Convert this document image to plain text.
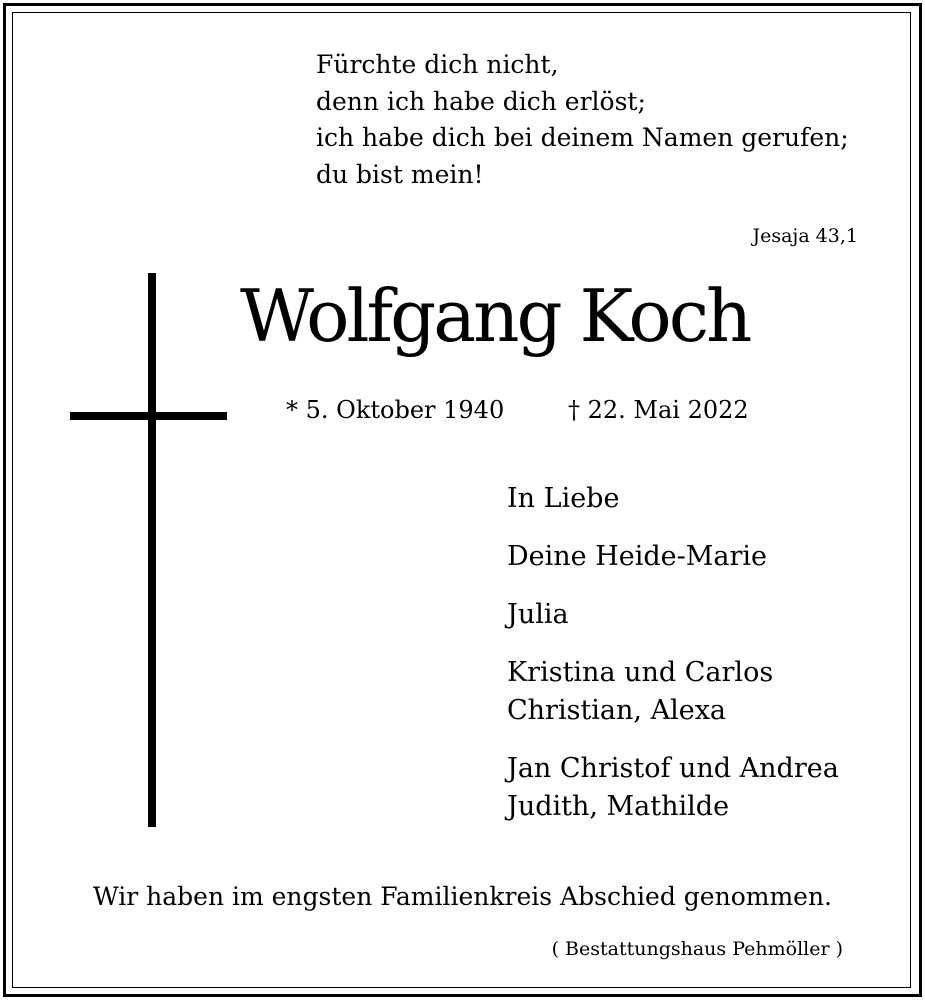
Fürchte dich nicht,
denn ich habe dich erlöst;
ich habe dich bei deinem Namen gerufen;
du bist mein!
Jesaja 43,1
Wolfgang Koch
* 5. Oktober 1940	† 22. Mai 2022
In Liebe
Deine Heide-Marie
Julia
Kristina und Carlos
Christian, Alexa
Jan Christof und Andrea
Judith, Mathilde
Wir haben im engsten Familienkreis Abschied genommen.
( Bestattungshaus Pehmöller )
